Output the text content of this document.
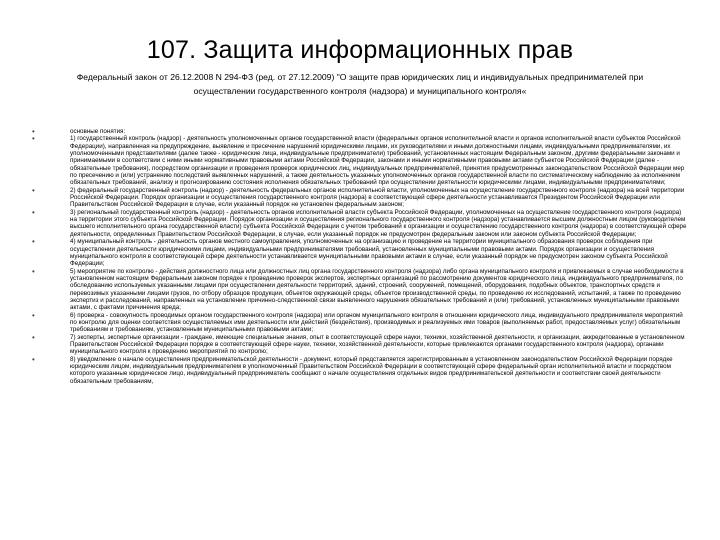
107. Защита информационных прав
Федеральный закон от 26.12.2008 N 294-ФЗ (ред. от 27.12.2009) "О защите прав юридических лиц и индивидуальных предпринимателей при осуществлении государственного контроля (надзора) и муниципального контроля«
•	основные понятия:
•	1) государственный контроль (надзор) - деятельность уполномоченных органов государственной власти (федеральных органов исполнительной власти и органов исполнительной власти субъектов Российской Федерации), направленная на предупреждение, выявление и пресечение нарушений юридическими лицами, их руководителями и иными должностными лицами, индивидуальными предпринимателями, их уполномоченными представителями (далее также - юридические лица, индивидуальные предприниматели) требований, установленных настоящим Федеральным законом, другими федеральными законами и принимаемыми в соответствии с ними иными нормативными правовыми актами Российской Федерации, законами и иными нормативными правовыми актами субъектов Российской Федерации (далее - обязательные требования), посредством организации и проведения проверок юридических лиц, индивидуальных предпринимателей, принятия предусмотренных законодательством Российской Федерации мер по пресечению и (или) устранению последствий выявленных нарушений, а также деятельность указанных уполномоченных органов государственной власти по систематическому наблюдению за исполнением обязательных требований, анализу и прогнозированию состояния исполнения обязательных требований при осуществлении деятельности юридическими лицами, индивидуальными предпринимателями;
•	2) федеральный государственный контроль (надзор) - деятельность федеральных органов исполнительной власти, уполномоченных на осуществление государственного контроля (надзора) на всей территории Российской Федерации. Порядок организации и осуществления государственного контроля (надзора) в соответствующей сфере деятельности устанавливается Президентом Российской Федерации или Правительством Российской Федерации в случае, если указанный порядок не установлен федеральным законом;
•	3) региональный государственный контроль (надзор) - деятельность органов исполнительной власти субъекта Российской Федерации, уполномоченных на осуществление государственного контроля (надзора) на территории этого субъекта Российской Федерации. Порядок организации и осуществления регионального государственного контроля (надзора) устанавливается высшим должностным лицом (руководителем высшего исполнительного органа государственной власти) субъекта Российской Федерации с учетом требований к организации и осуществлению государственного контроля (надзора) в соответствующей сфере деятельности, определенных Правительством Российской Федерации, в случае, если указанный порядок не предусмотрен федеральным законом или законом субъекта Российской Федерации;
•	4) муниципальный контроль - деятельность органов местного самоуправления, уполномоченных на организацию и проведение на территории муниципального образования проверок соблюдения при осуществлении деятельности юридическими лицами, индивидуальными предпринимателями требований, установленных муниципальными правовыми актами. Порядок организации и осуществления муниципального контроля в соответствующей сфере деятельности устанавливается муниципальными правовыми актами в случае, если указанный порядок не предусмотрен законом субъекта Российской Федерации;
•	5) мероприятие по контролю - действия должностного лица или должностных лиц органа государственного контроля (надзора) либо органа муниципального контроля и привлекаемых в случае необходимости в установленном настоящим Федеральным законом порядке к проведению проверок экспертов, экспертных организаций по рассмотрению документов юридического лица, индивидуального предпринимателя, по обследованию используемых указанными лицами при осуществлении деятельности территорий, зданий, строений, сооружений, помещений, оборудования, подобных объектов, транспортных средств и перевозимых указанными лицами грузов, по отбору образцов продукции, объектов окружающей среды, объектов производственной среды, по проведению их исследований, испытаний, а также по проведению экспертиз и расследований, направленных на установление причинно-следственной связи выявленного нарушения обязательных требований и (или) требований, установленных муниципальными правовыми актами, с фактами причинения вреда;
•	6) проверка - совокупность проводимых органом государственного контроля (надзора) или органом муниципального контроля в отношении юридического лица, индивидуального предпринимателя мероприятий по контролю для оценки соответствия осуществляемых ими деятельности или действий (бездействия), производимых и реализуемых ими товаров (выполняемых работ, предоставляемых услуг) обязательным требованиям и требованиям, установленным муниципальными правовыми актами;
•	7) эксперты, экспертные организации - граждане, имеющие специальные знания, опыт в соответствующей сфере науки, техники, хозяйственной деятельности, и организации, аккредитованные в установленном Правительством Российской Федерации порядке в соответствующей сфере науки, техники, хозяйственной деятельности, которые привлекаются органами государственного контроля (надзора), органами муниципального контроля к проведению мероприятий по контролю;
•	8) уведомление о начале осуществления предпринимательской деятельности - документ, который представляется зарегистрированным в установленном законодательством Российской Федерации порядке юридическим лицом, индивидуальным предпринимателем в уполномоченный Правительством Российской Федерации в соответствующей сфере федеральный орган исполнительной власти и посредством которого указанные юридическое лицо, индивидуальный предприниматель сообщают о начале осуществления отдельных видов предпринимательской деятельности и соответствии своей деятельности обязательным требованиям,
